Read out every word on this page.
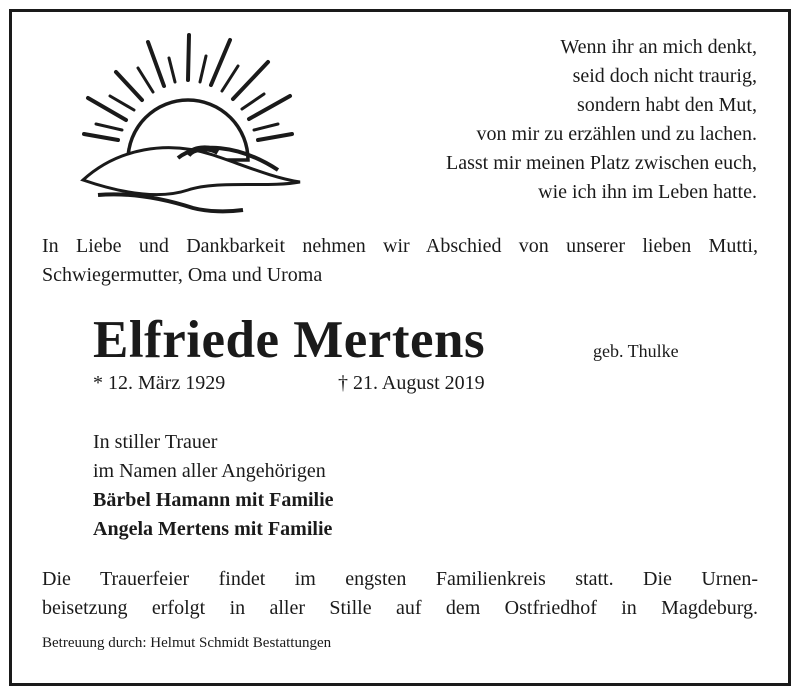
Wenn ihr an mich denkt,
seid doch nicht traurig,
sondern habt den Mut,
von mir zu erzählen und zu lachen.
Lasst mir meinen Platz zwischen euch,
wie ich ihn im Leben hatte.
In Liebe und Dankbarkeit nehmen wir Abschied von unserer lieben Mutti, Schwiegermutter, Oma und Uroma
Elfriede Mertens	geb. Thulke
* 12. März 1929	† 21. August 2019
In stiller Trauer
im Namen aller Angehörigen
Bärbel Hamann mit Familie
Angela Mertens mit Familie
Die Trauerfeier findet im engsten Familienkreis statt. Die Urnen-
beisetzung erfolgt in aller Stille auf dem Ostfriedhof in Magdeburg.
Betreuung durch: Helmut Schmidt Bestattungen
